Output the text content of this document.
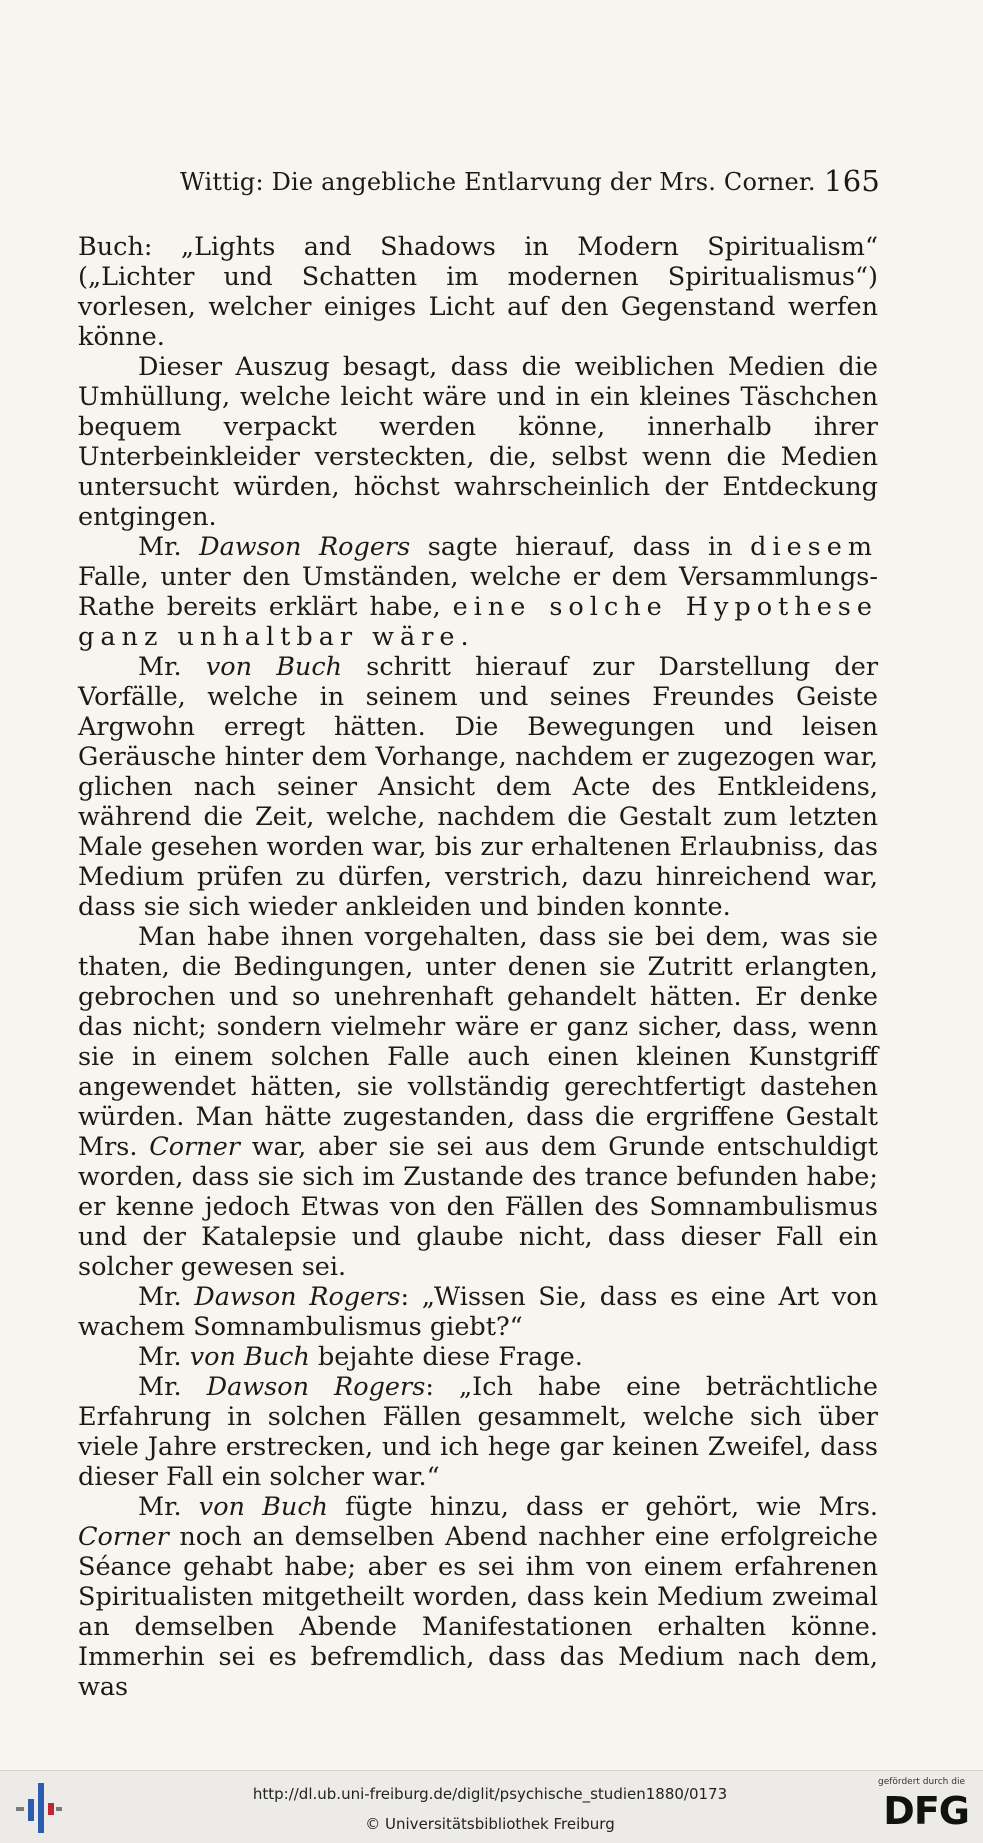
Wittig: Die angebliche Entlarvung der Mrs. Corner. 165

Buch: „Lights and Shadows in Modern Spiritualism“ („Lichter und Schatten im modernen Spiritualismus“) vorlesen, welcher einiges Licht auf den Gegenstand werfen könne.

Dieser Auszug besagt, dass die weiblichen Medien die Umhüllung, welche leicht wäre und in ein kleines Täschchen bequem verpackt werden könne, innerhalb ihrer Unterbeinkleider versteckten, die, selbst wenn die Medien untersucht würden, höchst wahrscheinlich der Entdeckung entgingen.

Mr. Dawson Rogers sagte hierauf, dass in diesem Falle, unter den Umständen, welche er dem Versammlungs-Rathe bereits erklärt habe, eine solche Hypothese ganz unhaltbar wäre.

Mr. von Buch schritt hierauf zur Darstellung der Vorfälle, welche in seinem und seines Freundes Geiste Argwohn erregt hätten. Die Bewegungen und leisen Geräusche hinter dem Vorhange, nachdem er zugezogen war, glichen nach seiner Ansicht dem Acte des Entkleidens, während die Zeit, welche, nachdem die Gestalt zum letzten Male gesehen worden war, bis zur erhaltenen Erlaubniss, das Medium prüfen zu dürfen, verstrich, dazu hinreichend war, dass sie sich wieder ankleiden und binden konnte.

Man habe ihnen vorgehalten, dass sie bei dem, was sie thaten, die Bedingungen, unter denen sie Zutritt erlangten, gebrochen und so unehrenhaft gehandelt hätten. Er denke das nicht; sondern vielmehr wäre er ganz sicher, dass, wenn sie in einem solchen Falle auch einen kleinen Kunstgriff angewendet hätten, sie vollständig gerechtfertigt dastehen würden. Man hätte zugestanden, dass die ergriffene Gestalt Mrs. Corner war, aber sie sei aus dem Grunde entschuldigt worden, dass sie sich im Zustande des trance befunden habe; er kenne jedoch Etwas von den Fällen des Somnambulismus und der Katalepsie und glaube nicht, dass dieser Fall ein solcher gewesen sei.

Mr. Dawson Rogers: „Wissen Sie, dass es eine Art von wachem Somnambulismus giebt?“

Mr. von Buch bejahte diese Frage.

Mr. Dawson Rogers: „Ich habe eine beträchtliche Erfahrung in solchen Fällen gesammelt, welche sich über viele Jahre erstrecken, und ich hege gar keinen Zweifel, dass dieser Fall ein solcher war.“

Mr. von Buch fügte hinzu, dass er gehört, wie Mrs. Corner noch an demselben Abend nachher eine erfolgreiche Séance gehabt habe; aber es sei ihm von einem erfahrenen Spiritualisten mitgetheilt worden, dass kein Medium zweimal an demselben Abende Manifestationen erhalten könne. Immerhin sei es befremdlich, dass das Medium nach dem, was

http://dl.ub.uni-freiburg.de/diglit/psychische_studien1880/0173
© Universitätsbibliothek Freiburg
gefördert durch die
DFG
